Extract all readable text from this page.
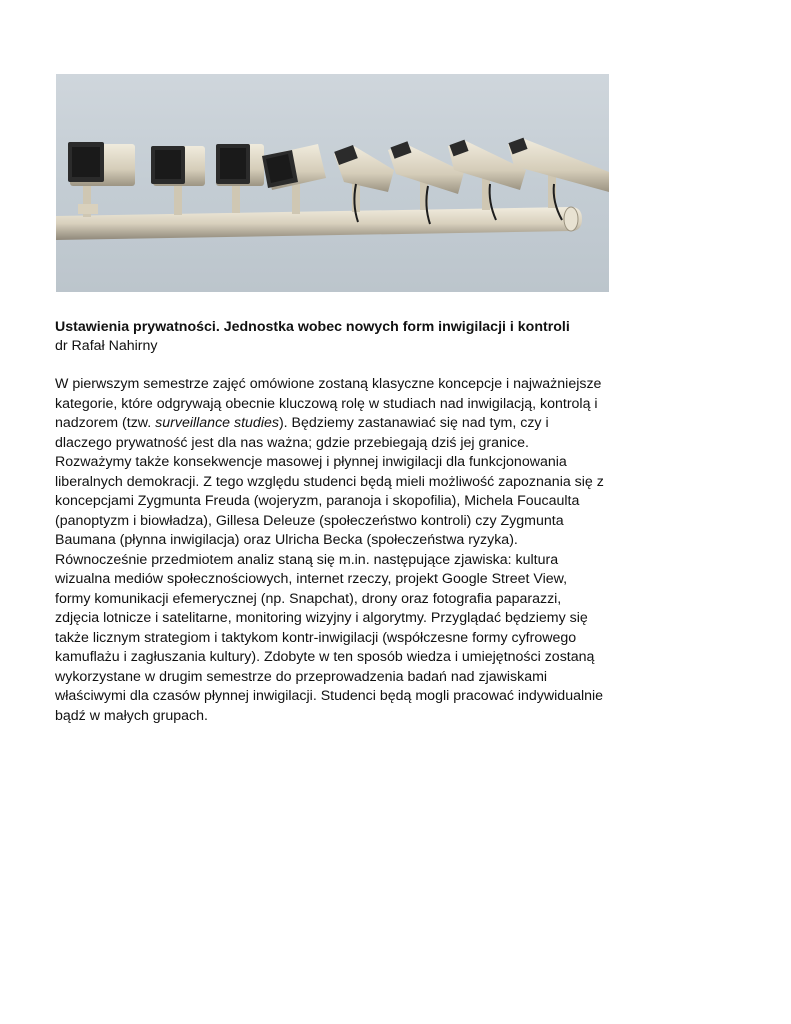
Ustawienia prywatności. Jednostka wobec nowych form inwigilacji i kontroli
dr Rafał Nahirny
W pierwszym semestrze zajęć omówione zostaną klasyczne koncepcje i najważniejsze
kategorie, które odgrywają obecnie kluczową rolę w studiach nad inwigilacją, kontrolą i
nadzorem (tzw. surveillance studies). Będziemy zastanawiać się nad tym, czy i
dlaczego prywatność jest dla nas ważna; gdzie przebiegają dziś jej granice.
Rozważymy także konsekwencje masowej i płynnej inwigilacji dla funkcjonowania
liberalnych demokracji. Z tego względu studenci będą mieli możliwość zapoznania się z
koncepcjami Zygmunta Freuda (wojeryzm, paranoja i skopofilia), Michela Foucaulta
(panoptyzm i biowładza), Gillesa Deleuze (społeczeństwo kontroli) czy Zygmunta
Baumana (płynna inwigilacja) oraz Ulricha Becka (społeczeństwa ryzyka).
Równocześnie przedmiotem analiz staną się m.in. następujące zjawiska: kultura
wizualna mediów społecznościowych, internet rzeczy, projekt Google Street View,
formy komunikacji efemerycznej (np. Snapchat), drony oraz fotografia paparazzi,
zdjęcia lotnicze i satelitarne, monitoring wizyjny i algorytmy. Przyglądać będziemy się
także licznym strategiom i taktykom kontr-inwigilacji (współczesne formy cyfrowego
kamuflażu i zagłuszania kultury). Zdobyte w ten sposób wiedza i umiejętności zostaną
wykorzystane w drugim semestrze do przeprowadzenia badań nad zjawiskami
właściwymi dla czasów płynnej inwigilacji. Studenci będą mogli pracować indywidualnie
bądź w małych grupach.
